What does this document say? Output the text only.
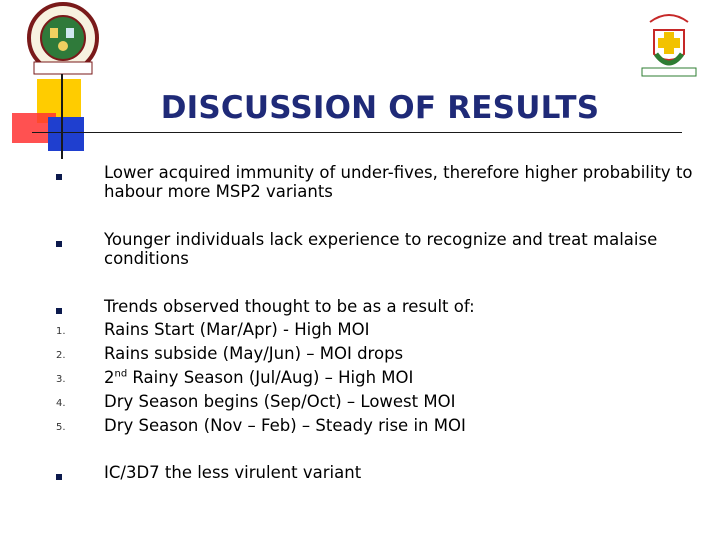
DISCUSSION OF RESULTS
Lower acquired immunity of under-fives, therefore higher probability to habour more MSP2 variants
Younger individuals lack experience to recognize and treat malaise conditions
Trends observed thought to be as a result of:
1. Rains Start (Mar/Apr) - High MOI
2. Rains subside (May/Jun) – MOI drops
3. 2nd Rainy Season (Jul/Aug) – High MOI
4. Dry Season begins (Sep/Oct) – Lowest MOI
5. Dry Season (Nov – Feb) – Steady rise in MOI
IC/3D7 the less virulent variant
